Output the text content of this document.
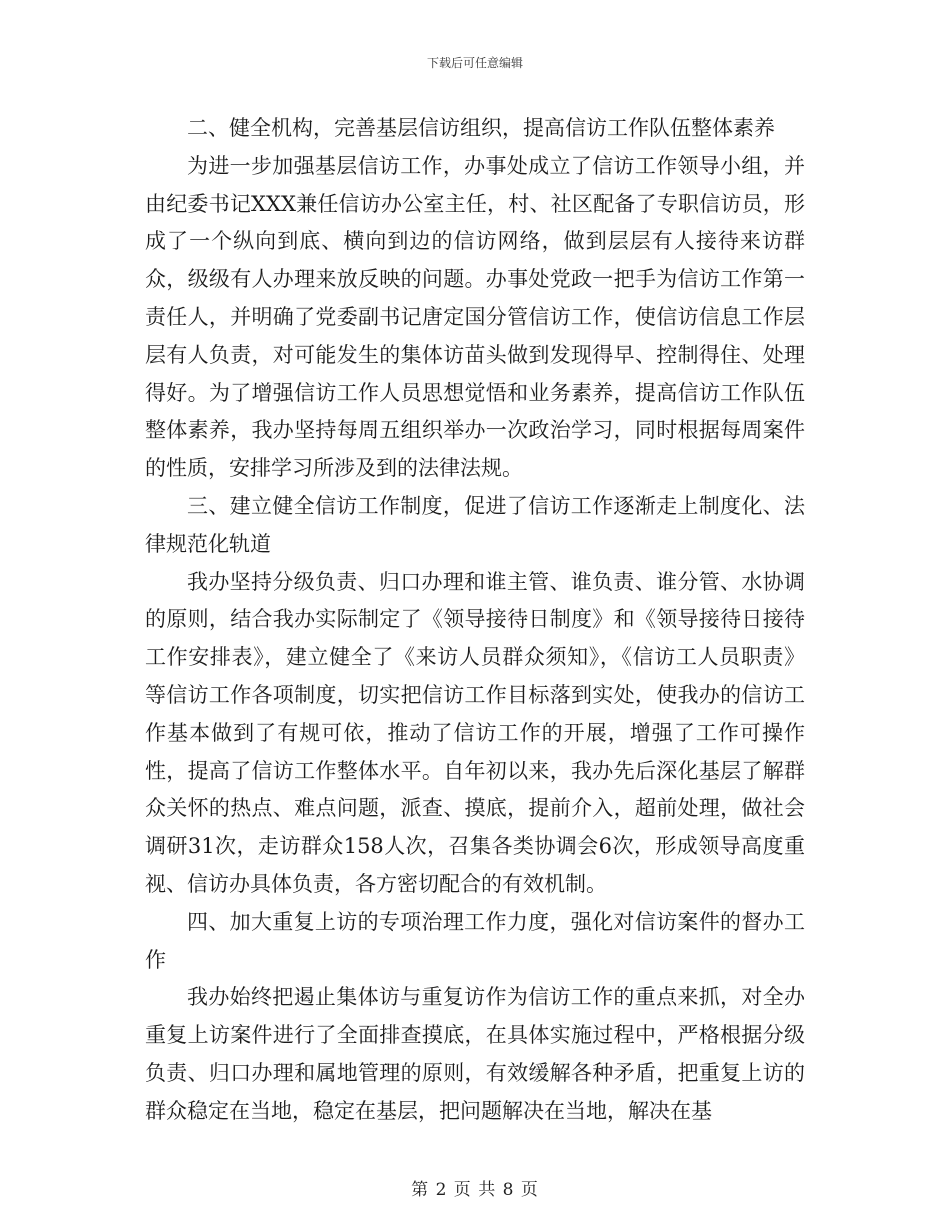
下载后可任意编辑

二、健全机构，完善基层信访组织，提高信访工作队伍整体素养

为进一步加强基层信访工作，办事处成立了信访工作领导小组，并由纪委书记XXX兼任信访办公室主任，村、社区配备了专职信访员，形成了一个纵向到底、横向到边的信访网络，做到层层有人接待来访群众，级级有人办理来放反映的问题。办事处党政一把手为信访工作第一责任人，并明确了党委副书记唐定国分管信访工作，使信访信息工作层层有人负责，对可能发生的集体访苗头做到发现得早、控制得住、处理得好。为了增强信访工作人员思想觉悟和业务素养，提高信访工作队伍整体素养，我办坚持每周五组织举办一次政治学习，同时根据每周案件的性质，安排学习所涉及到的法律法规。

三、建立健全信访工作制度，促进了信访工作逐渐走上制度化、法律规范化轨道

我办坚持分级负责、归口办理和谁主管、谁负责、谁分管、水协调的原则，结合我办实际制定了《领导接待日制度》和《领导接待日接待工作安排表》，建立健全了《来访人员群众须知》，《信访工人员职责》等信访工作各项制度，切实把信访工作目标落到实处，使我办的信访工作基本做到了有规可依，推动了信访工作的开展，增强了工作可操作性，提高了信访工作整体水平。自年初以来，我办先后深化基层了解群众关怀的热点、难点问题，派查、摸底，提前介入，超前处理，做社会调研31次，走访群众158人次，召集各类协调会6次，形成领导高度重视、信访办具体负责，各方密切配合的有效机制。

四、加大重复上访的专项治理工作力度，强化对信访案件的督办工作

我办始终把遏止集体访与重复访作为信访工作的重点来抓，对全办重复上访案件进行了全面排查摸底，在具体实施过程中，严格根据分级负责、归口办理和属地管理的原则，有效缓解各种矛盾，把重复上访的群众稳定在当地，稳定在基层，把问题解决在当地，解决在基

第 2 页 共 8 页
